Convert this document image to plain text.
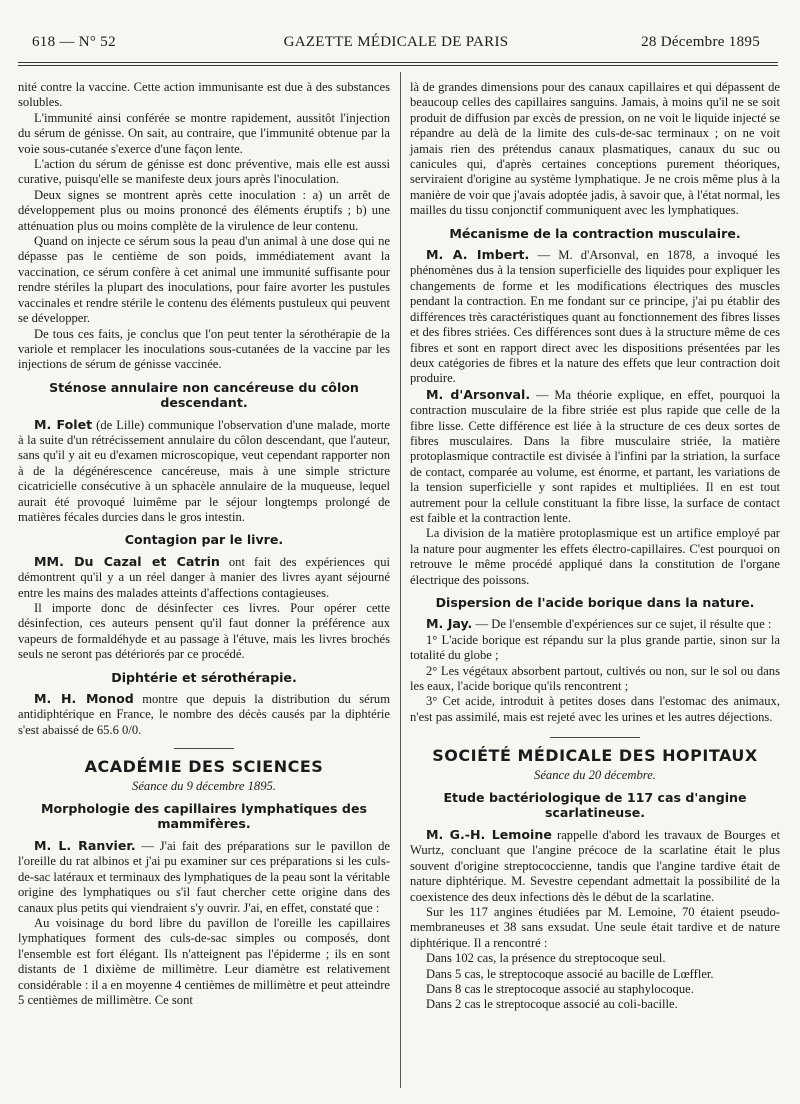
618 — N° 52	GAZETTE MÉDICALE DE PARIS	28 Décembre 1895

nité contre la vaccine. Cette action immunisante est due à des substances solubles.

L'immunité ainsi conférée se montre rapidement, aussitôt l'injection du sérum de génisse. On sait, au contraire, que l'immunité obtenue par la voie sous-cutanée s'exerce d'une façon lente.

L'action du sérum de génisse est donc préventive, mais elle est aussi curative, puisqu'elle se manifeste deux jours après l'inoculation.

Deux signes se montrent après cette inoculation : a) un arrêt de développement plus ou moins prononcé des éléments éruptifs ; b) une atténuation plus ou moins complète de la virulence de leur contenu.

Quand on injecte ce sérum sous la peau d'un animal à une dose qui ne dépasse pas le centième de son poids, immédiatement avant la vaccination, ce sérum confère à cet animal une immunité suffisante pour rendre stériles la plupart des inoculations, pour faire avorter les pustules vaccinales et rendre stérile le contenu des éléments pustuleux qui peuvent se développer.

De tous ces faits, je conclus que l'on peut tenter la sérothérapie de la variole et remplacer les inoculations sous-cutanées de la vaccine par les injections de sérum de génisse vaccinée.

Sténose annulaire non cancéreuse du côlon descendant.

M. Folet (de Lille) communique l'observation d'une malade, morte à la suite d'un rétrécissement annulaire du côlon descendant, que l'auteur, sans qu'il y ait eu d'examen microscopique, veut cependant rapporter non à de la dégénérescence cancéreuse, mais à une simple stricture cicatricielle consécutive à un sphacèle annulaire de la muqueuse, lequel aurait été provoqué luimême par le séjour longtemps prolongé de matières fécales durcies dans le gros intestin.

Contagion par le livre.

MM. Du Cazal et Catrin ont fait des expériences qui démontrent qu'il y a un réel danger à manier des livres ayant séjourné entre les mains des malades atteints d'affections contagieuses.

Il importe donc de désinfecter ces livres. Pour opérer cette désinfection, ces auteurs pensent qu'il faut donner la préférence aux vapeurs de formaldéhyde et au passage à l'étuve, mais les livres brochés seuls ne seront pas détériorés par ce procédé.

Diphtérie et sérothérapie.

M. H. Monod montre que depuis la distribution du sérum antidiphtérique en France, le nombre des décès causés par la diphtérie s'est abaissé de 65.6 0/0.

ACADÉMIE DES SCIENCES
Séance du 9 décembre 1895.
Morphologie des capillaires lymphatiques des mammifères.

M. L. Ranvier. — J'ai fait des préparations sur le pavillon de l'oreille du rat albinos et j'ai pu examiner sur ces préparations si les culs-de-sac latéraux et terminaux des lymphatiques de la peau sont la véritable origine des lymphatiques ou s'il faut chercher cette origine dans des canaux plus petits qui viendraient s'y ouvrir. J'ai, en effet, constaté que :

Au voisinage du bord libre du pavillon de l'oreille les capillaires lymphatiques forment des culs-de-sac simples ou composés, dont l'ensemble est fort élégant. Ils n'atteignent pas l'épiderme ; ils en sont distants de 1 dixième de millimètre. Leur diamètre est relativement considérable : il a en moyenne 4 centièmes de millimètre et peut atteindre 5 centièmes de millimètre. Ce sont

là de grandes dimensions pour des canaux capillaires et qui dépassent de beaucoup celles des capillaires sanguins. Jamais, à moins qu'il ne se soit produit de diffusion par excès de pression, on ne voit le liquide injecté se répandre au delà de la limite des culs-de-sac terminaux ; on ne voit jamais rien des prétendus canaux plasmatiques, canaux du suc ou canicules qui, d'après certaines conceptions purement théoriques, serviraient d'origine au système lymphatique. Je ne crois même plus à la manière de voir que j'avais adoptée jadis, à savoir que, à l'état normal, les mailles du tissu conjonctif communiquent avec les lymphatiques.

Mécanisme de la contraction musculaire.

M. A. Imbert. — M. d'Arsonval, en 1878, a invoqué les phénomènes dus à la tension superficielle des liquides pour expliquer les changements de forme et les modifications électriques des muscles pendant la contraction. En me fondant sur ce principe, j'ai pu établir des différences très caractéristiques quant au fonctionnement des fibres lisses et des fibres striées. Ces différences sont dues à la structure même de ces fibres et sont en rapport direct avec les dispositions présentées par les deux catégories de fibres et la nature des effets que leur contraction doit produire.

M. d'Arsonval. — Ma théorie explique, en effet, pourquoi la contraction musculaire de la fibre striée est plus rapide que celle de la fibre lisse. Cette différence est liée à la structure de ces deux sortes de fibres musculaires. Dans la fibre musculaire striée, la matière protoplasmique contractile est divisée à l'infini par la striation, la surface de contact, comparée au volume, est énorme, et partant, les variations de la tension superficielle y sont rapides et multipliées. Il en est tout autrement pour la cellule constituant la fibre lisse, la surface de contact est faible et la contraction lente.

La division de la matière protoplasmique est un artifice employé par la nature pour augmenter les effets électro-capillaires. C'est pourquoi on retrouve le même procédé appliqué dans la constitution de l'organe électrique des poissons.

Dispersion de l'acide borique dans la nature.

M. Jay. — De l'ensemble d'expériences sur ce sujet, il résulte que :

1° L'acide borique est répandu sur la plus grande partie, sinon sur la totalité du globe ;

2° Les végétaux absorbent partout, cultivés ou non, sur le sol ou dans les eaux, l'acide borique qu'ils rencontrent ;

3° Cet acide, introduit à petites doses dans l'estomac des animaux, n'est pas assimilé, mais est rejeté avec les urines et les autres déjections.

SOCIÉTÉ MÉDICALE DES HOPITAUX
Séance du 20 décembre.
Etude bactériologique de 117 cas d'angine scarlatineuse.

M. G.-H. Lemoine rappelle d'abord les travaux de Bourges et Wurtz, concluant que l'angine précoce de la scarlatine était le plus souvent d'origine streptococcienne, tandis que l'angine tardive était de nature diphtérique. M. Sevestre cependant admettait la possibilité de la coexistence des deux infections dès le début de la scarlatine.

Sur les 117 angines étudiées par M. Lemoine, 70 étaient pseudo-membraneuses et 38 sans exsudat. Une seule était tardive et de nature diphtérique. Il a rencontré :

Dans 102 cas, la présence du streptocoque seul.

Dans 5 cas, le streptocoque associé au bacille de Lœffler.

Dans 8 cas le streptocoque associé au staphylocoque.

Dans 2 cas le streptocoque associé au coli-bacille.
